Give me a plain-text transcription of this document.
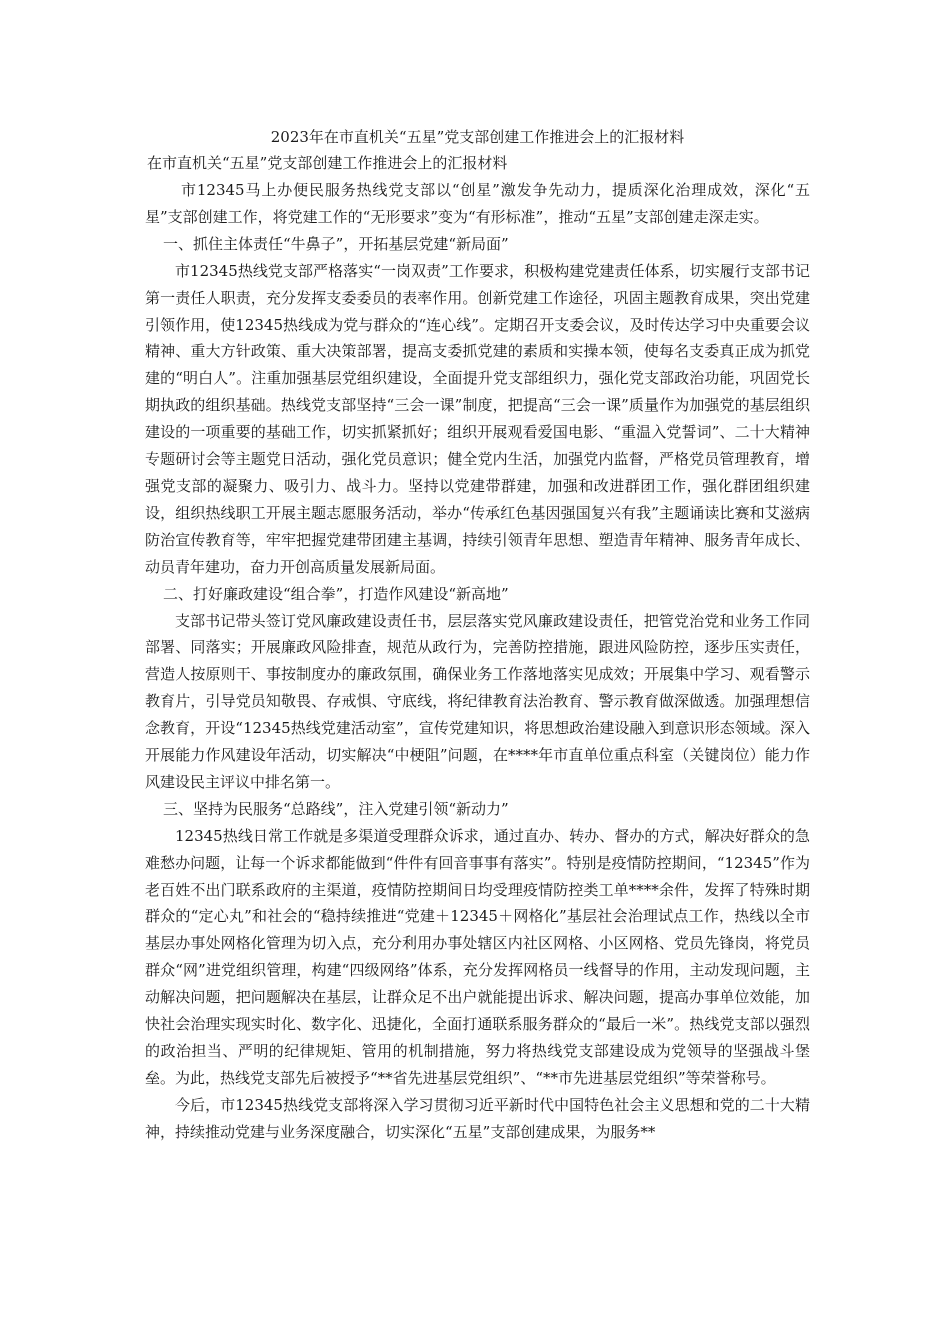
2023年在市直机关“五星”党支部创建工作推进会上的汇报材料
在市直机关“五星”党支部创建工作推进会上的汇报材料

市12345马上办便民服务热线党支部以“创星”激发争先动力，提质深化治理成效，深化“五星”支部创建工作，将党建工作的“无形要求”变为“有形标准”，推动“五星”支部创建走深走实。

一、抓住主体责任“牛鼻子”，开拓基层党建“新局面”

市12345热线党支部严格落实“一岗双责”工作要求，积极构建党建责任体系，切实履行支部书记第一责任人职责，充分发挥支委委员的表率作用。创新党建工作途径，巩固主题教育成果，突出党建引领作用，使12345热线成为党与群众的“连心线”。定期召开支委会议，及时传达学习中央重要会议精神、重大方针政策、重大决策部署，提高支委抓党建的素质和实操本领，使每名支委真正成为抓党建的“明白人”。注重加强基层党组织建设，全面提升党支部组织力，强化党支部政治功能，巩固党长期执政的组织基础。热线党支部坚持“三会一课”制度，把提高“三会一课”质量作为加强党的基层组织建设的一项重要的基础工作，切实抓紧抓好；组织开展观看爱国电影、“重温入党誓词”、二十大精神专题研讨会等主题党日活动，强化党员意识；健全党内生活，加强党内监督，严格党员管理教育，增强党支部的凝聚力、吸引力、战斗力。坚持以党建带群建，加强和改进群团工作，强化群团组织建设，组织热线职工开展主题志愿服务活动，举办“传承红色基因强国复兴有我”主题诵读比赛和艾滋病防治宣传教育等，牢牢把握党建带团建主基调，持续引领青年思想、塑造青年精神、服务青年成长、动员青年建功，奋力开创高质量发展新局面。

二、打好廉政建设“组合拳”，打造作风建设“新高地”

支部书记带头签订党风廉政建设责任书，层层落实党风廉政建设责任，把管党治党和业务工作同部署、同落实；开展廉政风险排查，规范从政行为，完善防控措施，跟进风险防控，逐步压实责任，营造人按原则干、事按制度办的廉政氛围，确保业务工作落地落实见成效；开展集中学习、观看警示教育片，引导党员知敬畏、存戒惧、守底线，将纪律教育法治教育、警示教育做深做透。加强理想信念教育，开设“12345热线党建活动室”，宣传党建知识，将思想政治建设融入到意识形态领域。深入开展能力作风建设年活动，切实解决“中梗阻”问题，在****年市直单位重点科室（关键岗位）能力作风建设民主评议中排名第一。

三、坚持为民服务“总路线”，注入党建引领“新动力”

12345热线日常工作就是多渠道受理群众诉求，通过直办、转办、督办的方式，解决好群众的急难愁办问题，让每一个诉求都能做到“件件有回音事事有落实”。特别是疫情防控期间，“12345”作为老百姓不出门联系政府的主渠道，疫情防控期间日均受理疫情防控类工单****余件，发挥了特殊时期群众的“定心丸”和社会的“稳持续推进“党建＋12345＋网格化”基层社会治理试点工作，热线以全市基层办事处网格化管理为切入点，充分利用办事处辖区内社区网格、小区网格、党员先锋岗，将党员群众“网”进党组织管理，构建“四级网络”体系，充分发挥网格员一线督导的作用，主动发现问题，主动解决问题，把问题解决在基层，让群众足不出户就能提出诉求、解决问题，提高办事单位效能，加快社会治理实现实时化、数字化、迅捷化，全面打通联系服务群众的“最后一米”。热线党支部以强烈的政治担当、严明的纪律规矩、管用的机制措施，努力将热线党支部建设成为党领导的坚强战斗堡垒。为此，热线党支部先后被授予“**省先进基层党组织”、“**市先进基层党组织”等荣誉称号。

今后，市12345热线党支部将深入学习贯彻习近平新时代中国特色社会主义思想和党的二十大精神，持续推动党建与业务深度融合，切实深化“五星”支部创建成果，为服务**
